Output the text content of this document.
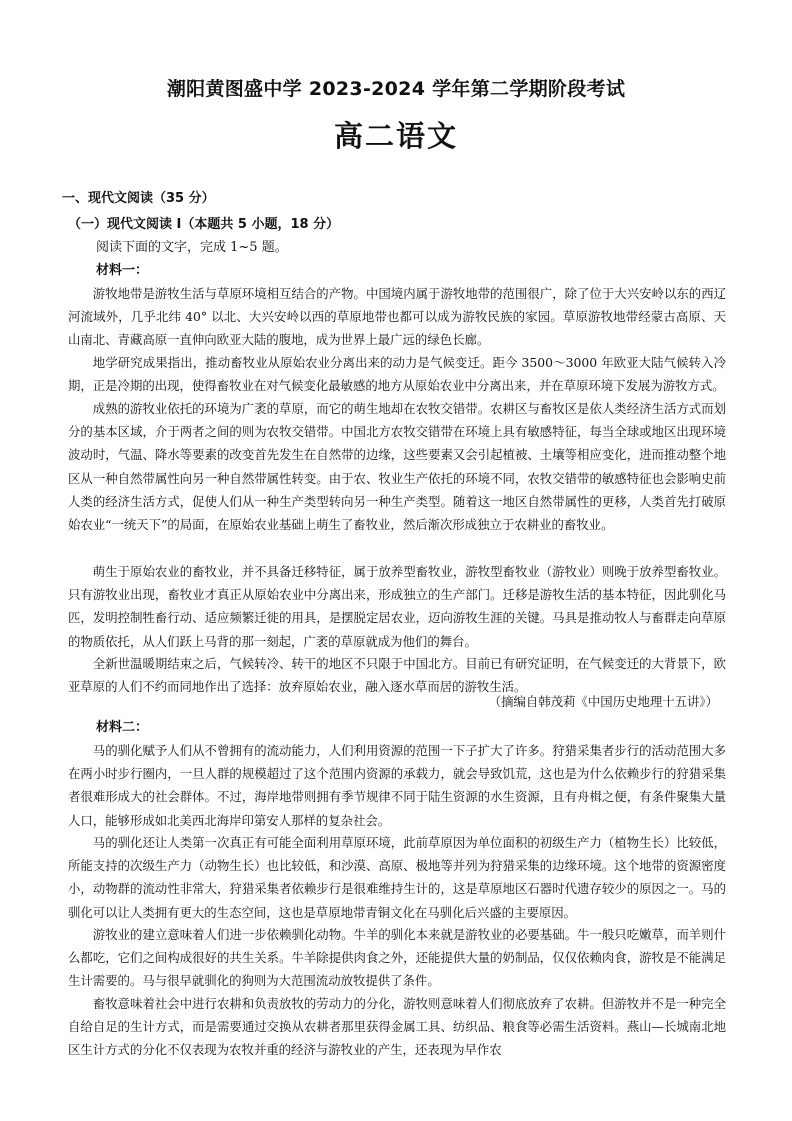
潮阳黄图盛中学 2023-2024 学年第二学期阶段考试
高二语文
一、现代文阅读（35 分）
（一）现代文阅读 I（本题共 5 小题，18 分）
阅读下面的文字，完成 1~5 题。
材料一：
游牧地带是游牧生活与草原环境相互结合的产物。中国境内属于游牧地带的范围很广，除了位于大兴安岭以东的西辽河流域外，几乎北纬 40° 以北、大兴安岭以西的草原地带也都可以成为游牧民族的家园。草原游牧地带经蒙古高原、天山南北、青藏高原一直伸向欧亚大陆的腹地，成为世界上最广远的绿色长廊。
地学研究成果指出，推动畜牧业从原始农业分离出来的动力是气候变迁。距今 3500～3000 年欧亚大陆气候转入冷期，正是冷期的出现，使得畜牧业在对气候变化最敏感的地方从原始农业中分离出来，并在草原环境下发展为游牧方式。
成熟的游牧业依托的环境为广袤的草原，而它的萌生地却在农牧交错带。农耕区与畜牧区是依人类经济生活方式而划分的基本区域，介于两者之间的则为农牧交错带。中国北方农牧交错带在环境上具有敏感特征，每当全球或地区出现环境波动时，气温、降水等要素的改变首先发生在自然带的边缘，这些要素又会引起植被、土壤等相应变化，进而推动整个地区从一种自然带属性向另一种自然带属性转变。由于农、牧业生产依托的环境不同，农牧交错带的敏感特征也会影响史前人类的经济生活方式，促使人们从一种生产类型转向另一种生产类型。随着这一地区自然带属性的更移，人类首先打破原始农业“一统天下”的局面，在原始农业基础上萌生了畜牧业，然后渐次形成独立于农耕业的畜牧业。
萌生于原始农业的畜牧业，并不具备迁移特征，属于放养型畜牧业，游牧型畜牧业（游牧业）则晚于放养型畜牧业。只有游牧业出现，畜牧业才真正从原始农业中分离出来，形成独立的生产部门。迁移是游牧生活的基本特征，因此驯化马匹，发明控制牲畜行动、适应频繁迁徙的用具，是摆脱定居农业，迈向游牧生涯的关键。马具是推动牧人与畜群走向草原的物质依托，从人们跃上马背的那一刻起，广袤的草原就成为他们的舞台。
全新世温暖期结束之后，气候转冷、转干的地区不只限于中国北方。目前已有研究证明，在气候变迁的大背景下，欧亚草原的人们不约而同地作出了选择：放弃原始农业，融入逐水草而居的游牧生活。
（摘编自韩茂莉《中国历史地理十五讲》）
材料二：
马的驯化赋予人们从不曾拥有的流动能力，人们利用资源的范围一下子扩大了许多。狩猎采集者步行的活动范围大多在两小时步行圈内，一旦人群的规模超过了这个范围内资源的承载力，就会导致饥荒，这也是为什么依赖步行的狩猎采集者很难形成大的社会群体。不过，海岸地带则拥有季节规律不同于陆生资源的水生资源，且有舟楫之便，有条件聚集大量人口，能够形成如北美西北海岸印第安人那样的复杂社会。
马的驯化还让人类第一次真正有可能全面利用草原环境，此前草原因为单位面积的初级生产力（植物生长）比较低，所能支持的次级生产力（动物生长）也比较低，和沙漠、高原、极地等并列为狩猎采集的边缘环境。这个地带的资源密度小，动物群的流动性非常大，狩猎采集者依赖步行是很难维持生计的，这是草原地区石器时代遗存较少的原因之一。马的驯化可以让人类拥有更大的生态空间，这也是草原地带青铜文化在马驯化后兴盛的主要原因。
游牧业的建立意味着人们进一步依赖驯化动物。牛羊的驯化本来就是游牧业的必要基础。牛一般只吃嫩草，而羊则什么都吃，它们之间构成很好的共生关系。牛羊除提供肉食之外，还能提供大量的奶制品，仅仅依赖肉食，游牧是不能满足生计需要的。马与很早就驯化的狗则为大范围流动放牧提供了条件。
畜牧意味着社会中进行农耕和负责放牧的劳动力的分化，游牧则意味着人们彻底放弃了农耕。但游牧并不是一种完全自给自足的生计方式，而是需要通过交换从农耕者那里获得金属工具、纺织品、粮食等必需生活资料。燕山—长城南北地区生计方式的分化不仅表现为农牧并重的经济与游牧业的产生，还表现为早作农
